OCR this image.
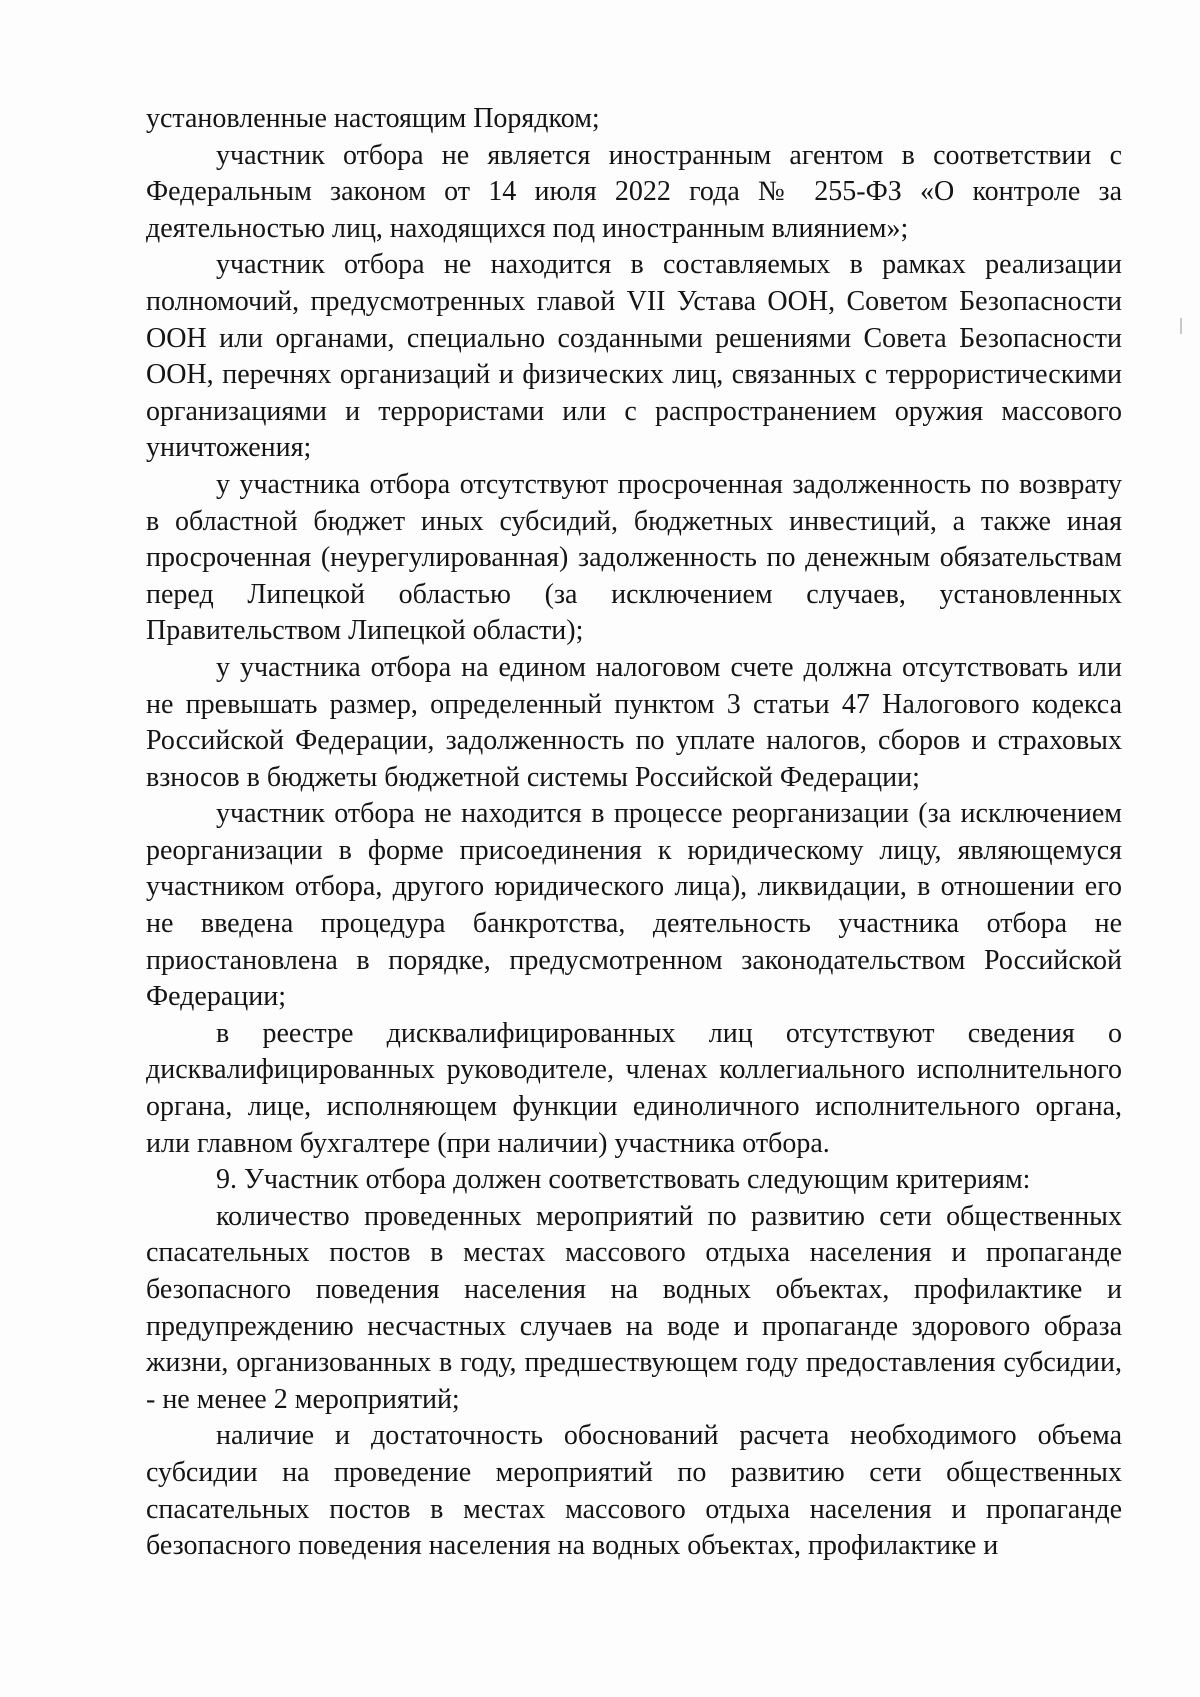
установленные настоящим Порядком;

участник отбора не является иностранным агентом в соответствии с Федеральным законом от 14 июля 2022 года № 255-ФЗ «О контроле за деятельностью лиц, находящихся под иностранным влиянием»;

участник отбора не находится в составляемых в рамках реализации полномочий, предусмотренных главой VII Устава ООН, Советом Безопасности ООН или органами, специально созданными решениями Совета Безопасности ООН, перечнях организаций и физических лиц, связанных с террористическими организациями и террористами или с распространением оружия массового уничтожения;

у участника отбора отсутствуют просроченная задолженность по возврату в областной бюджет иных субсидий, бюджетных инвестиций, а также иная просроченная (неурегулированная) задолженность по денежным обязательствам перед Липецкой областью (за исключением случаев, установленных Правительством Липецкой области);

у участника отбора на едином налоговом счете должна отсутствовать или не превышать размер, определенный пунктом 3 статьи 47 Налогового кодекса Российской Федерации, задолженность по уплате налогов, сборов и страховых взносов в бюджеты бюджетной системы Российской Федерации;

участник отбора не находится в процессе реорганизации (за исключением реорганизации в форме присоединения к юридическому лицу, являющемуся участником отбора, другого юридического лица), ликвидации, в отношении его не введена процедура банкротства, деятельность участника отбора не приостановлена в порядке, предусмотренном законодательством Российской Федерации;

в реестре дисквалифицированных лиц отсутствуют сведения о дисквалифицированных руководителе, членах коллегиального исполнительного органа, лице, исполняющем функции единоличного исполнительного органа, или главном бухгалтере (при наличии) участника отбора.

9. Участник отбора должен соответствовать следующим критериям:

количество проведенных мероприятий по развитию сети общественных спасательных постов в местах массового отдыха населения и пропаганде безопасного поведения населения на водных объектах, профилактике и предупреждению несчастных случаев на воде и пропаганде здорового образа жизни, организованных в году, предшествующем году предоставления субсидии, - не менее 2 мероприятий;

наличие и достаточность обоснований расчета необходимого объема субсидии на проведение мероприятий по развитию сети общественных спасательных постов в местах массового отдыха населения и пропаганде безопасного поведения населения на водных объектах, профилактике и
